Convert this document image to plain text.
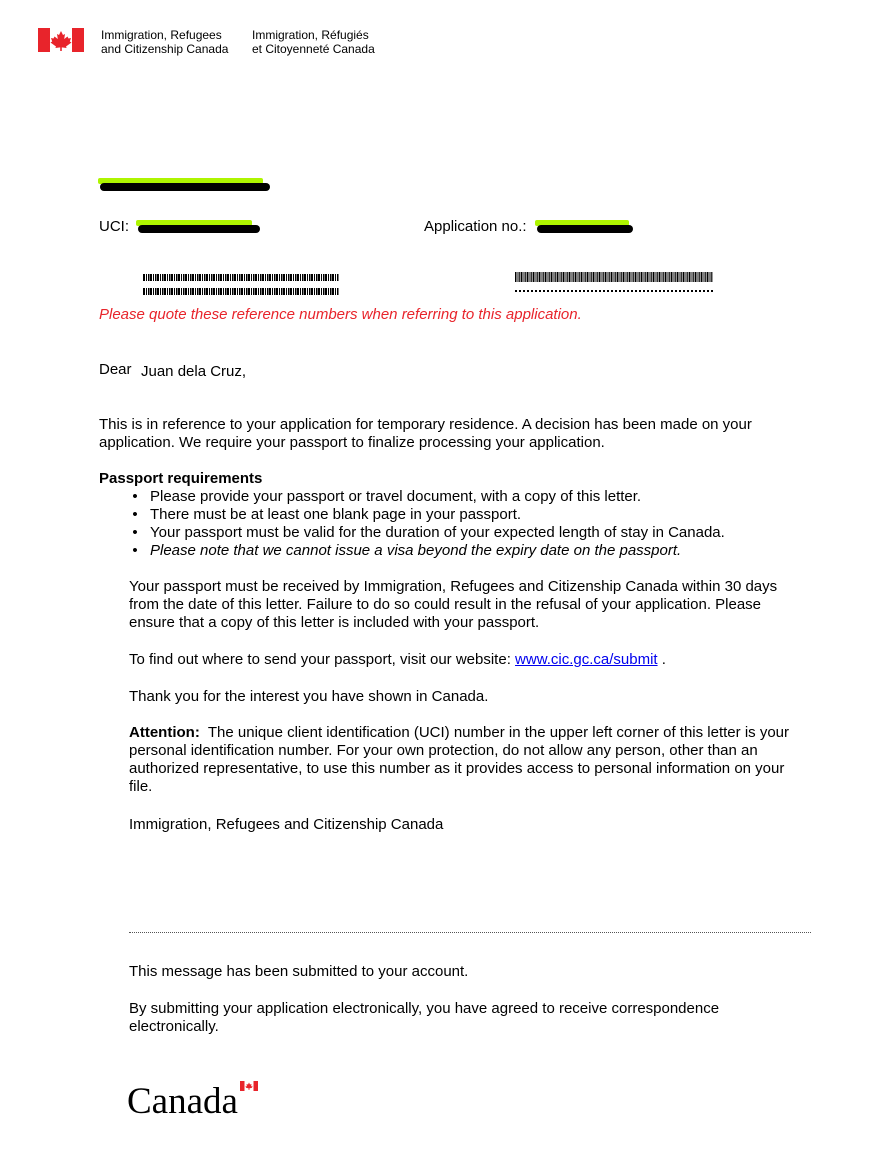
Immigration, Refugees
and Citizenship Canada
Immigration, Réfugiés
et Citoyenneté Canada
UCI:	Application no.:
Please quote these reference numbers when referring to this application.
Dear Juan dela Cruz,
This is in reference to your application for temporary residence. A decision has been made on your
application. We require your passport to finalize processing your application.
Passport requirements
• Please provide your passport or travel document, with a copy of this letter.
• There must be at least one blank page in your passport.
• Your passport must be valid for the duration of your expected length of stay in Canada.
• Please note that we cannot issue a visa beyond the expiry date on the passport.
Your passport must be received by Immigration, Refugees and Citizenship Canada within 30 days
from the date of this letter. Failure to do so could result in the refusal of your application. Please
ensure that a copy of this letter is included with your passport.
To find out where to send your passport, visit our website: www.cic.gc.ca/submit .
Thank you for the interest you have shown in Canada.
Attention:  The unique client identification (UCI) number in the upper left corner of this letter is your
personal identification number. For your own protection, do not allow any person, other than an
authorized representative, to use this number as it provides access to personal information on your
file.
Immigration, Refugees and Citizenship Canada
This message has been submitted to your account.
By submitting your application electronically, you have agreed to receive correspondence
electronically.
Canada
